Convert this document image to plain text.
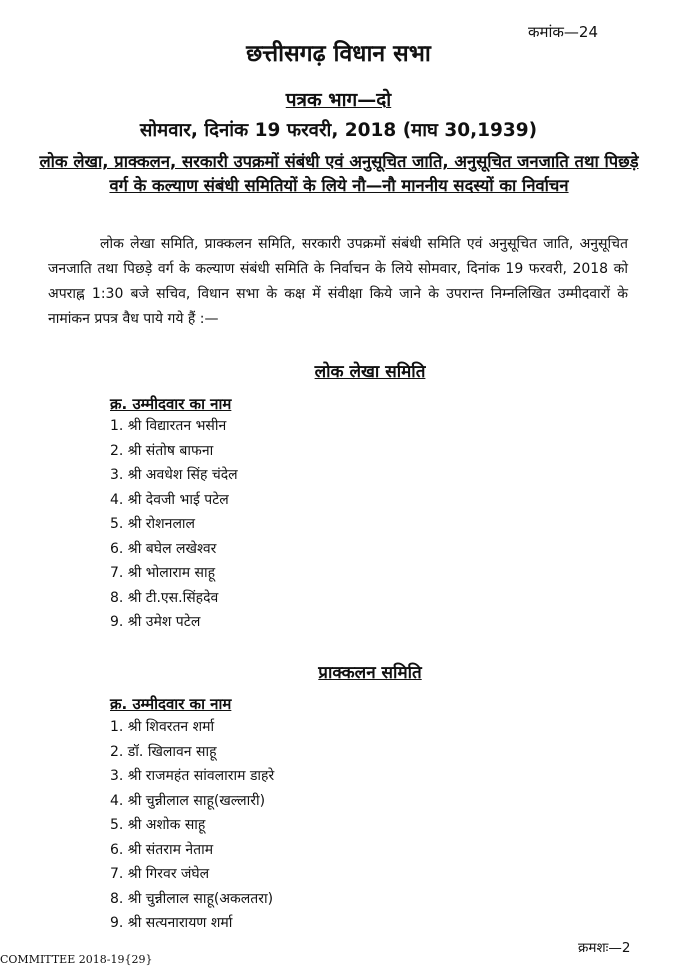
कमांक—24
छत्तीसगढ़ विधान सभा
पत्रक भाग—दो
सोमवार, दिनांक 19 फरवरी, 2018 (माघ 30,1939)
लोक लेखा, प्राक्कलन, सरकारी उपक्रमों संबंधी एवं अनुसूचित जाति, अनुसूचित जनजाति तथा पिछड़े वर्ग के कल्याण संबंधी समितियों के लिये नौ—नौ माननीय सदस्यों का निर्वाचन
लोक लेखा समिति, प्राक्कलन समिति, सरकारी उपक्रमों संबंधी समिति एवं अनुसूचित जाति, अनुसूचित जनजाति तथा पिछड़े वर्ग के कल्याण संबंधी समिति के निर्वाचन के लिये सोमवार, दिनांक 19 फरवरी, 2018 को अपराह्न 1:30 बजे सचिव, विधान सभा के कक्ष में संवीक्षा किये जाने के उपरान्त निम्नलिखित उम्मीदवारों के नामांकन प्रपत्र वैध पाये गये हैं :—
लोक लेखा समिति
क्र. उम्मीदवार का नाम
1. श्री विद्यारतन भसीन
2. श्री संतोष बाफना
3. श्री अवधेश सिंह चंदेल
4. श्री देवजी भाई पटेल
5. श्री रोशनलाल
6. श्री बघेल लखेश्वर
7. श्री भोलाराम साहू
8. श्री टी.एस.सिंहदेव
9. श्री उमेश पटेल
प्राक्कलन समिति
क्र. उम्मीदवार का नाम
1. श्री शिवरतन शर्मा
2. डॉ. खिलावन साहू
3. श्री राजमहंत सांवलाराम डाहरे
4. श्री चुन्नीलाल साहू(खल्लारी)
5. श्री अशोक साहू
6. श्री संतराम नेताम
7. श्री गिरवर जंघेल
8. श्री चुन्नीलाल साहू(अकलतरा)
9. श्री सत्यनारायण शर्मा
क्रमशः—2
COMMITTEE 2018-19{29}
